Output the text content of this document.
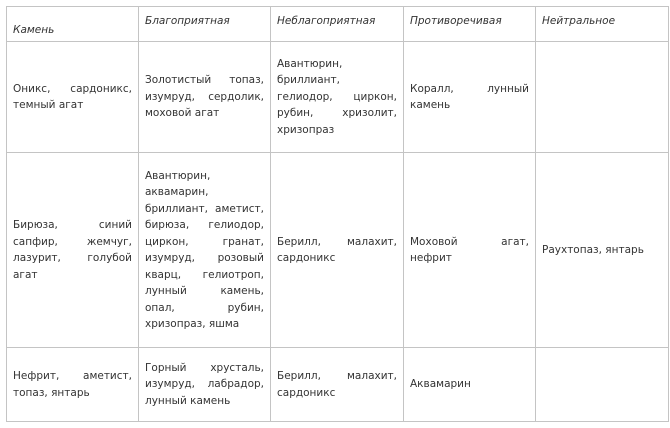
Камень	Благоприятная	Неблагоприятная	Противоречивая	Нейтральное
Оникс, сардоникс, темный агат	Золотистый топаз, изумруд, сердолик, моховой агат	Авантюрин, бриллиант, гелиодор, циркон, рубин, хризолит, хризопраз	Коралл, лунный камень	
Бирюза, синий сапфир, жемчуг, лазурит, голубой агат	Авантюрин, аквамарин, бриллиант, аметист, бирюза, гелиодор, циркон, гранат, изумруд, розовый кварц, гелиотроп, лунный камень, опал, рубин, хризопраз, яшма	Берилл, малахит, сардоникс	Моховой агат, нефрит	Раухтопаз, янтарь
Нефрит, аметист, топаз, янтарь	Горный хрусталь, изумруд, лабрадор, лунный камень	Берилл, малахит, сардоникс	Аквамарин	
